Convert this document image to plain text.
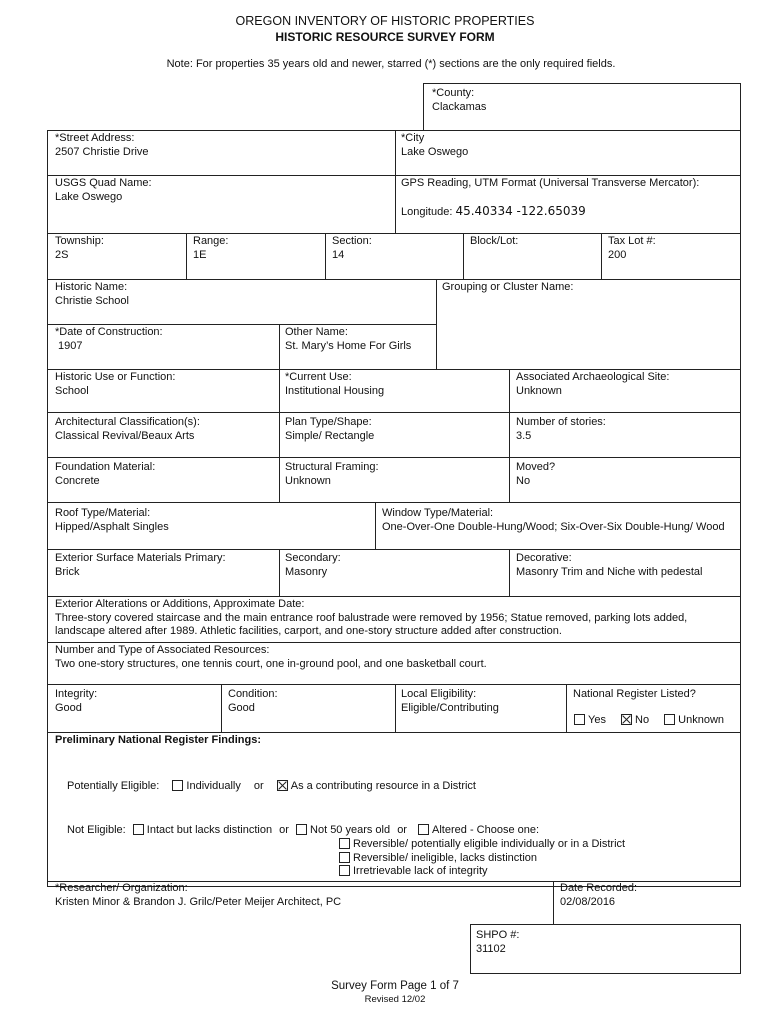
OREGON INVENTORY OF HISTORIC PROPERTIES
HISTORIC RESOURCE SURVEY FORM
Note: For properties 35 years old and newer, starred (*) sections are the only required fields.
*County:
Clackamas
*Street Address:
2507 Christie Drive
*City
Lake Oswego
USGS Quad Name:
Lake Oswego
GPS Reading, UTM Format (Universal Transverse Mercator):
Longitude: 45.40334 -122.65039
Township:
2S
Range:
1E
Section:
14
Block/Lot:	Tax Lot #:
200
Historic Name:
Christie School
Grouping or Cluster Name:
*Date of Construction:
1907
Other Name:
St. Mary’s Home For Girls
Historic Use or Function:
School
*Current Use:
Institutional Housing
Associated Archaeological Site:
Unknown
Architectural Classification(s):
Classical Revival/Beaux Arts
Plan Type/Shape:
Simple/ Rectangle
Number of stories:
3.5
Foundation Material:
Concrete
Structural Framing:
Unknown
Moved?
No
Roof Type/Material:
Hipped/Asphalt Singles
Window Type/Material:
One-Over-One Double-Hung/Wood; Six-Over-Six Double-Hung/ Wood
Exterior Surface Materials Primary:
Brick
Secondary:
Masonry
Decorative:
Masonry Trim and Niche with pedestal
Exterior Alterations or Additions, Approximate Date:
Three-story covered staircase and the main entrance roof balustrade were removed by 1956; Statue removed, parking lots added, landscape altered after 1989. Athletic facilities, carport, and one-story structure added after construction.
Number and Type of Associated Resources:
Two one-story structures, one tennis court, one in-ground pool, and one basketball court.
Integrity:
Good
Condition:
Good
Local Eligibility:
Eligible/Contributing
National Register Listed?
Yes	No	Unknown
Preliminary National Register Findings:
Potentially Eligible: Individually or As a contributing resource in a District
Not Eligible: Intact but lacks distinction or Not 50 years old or Altered - Choose one:
Reversible/ potentially eligible individually or in a District
Reversible/ ineligible, lacks distinction
Irretrievable lack of integrity
*Researcher/ Organization:
Kristen Minor & Brandon J. Grilc/Peter Meijer Architect, PC
Date Recorded:
02/08/2016
SHPO #:
31102
Survey Form Page 1 of 7
Revised 12/02
